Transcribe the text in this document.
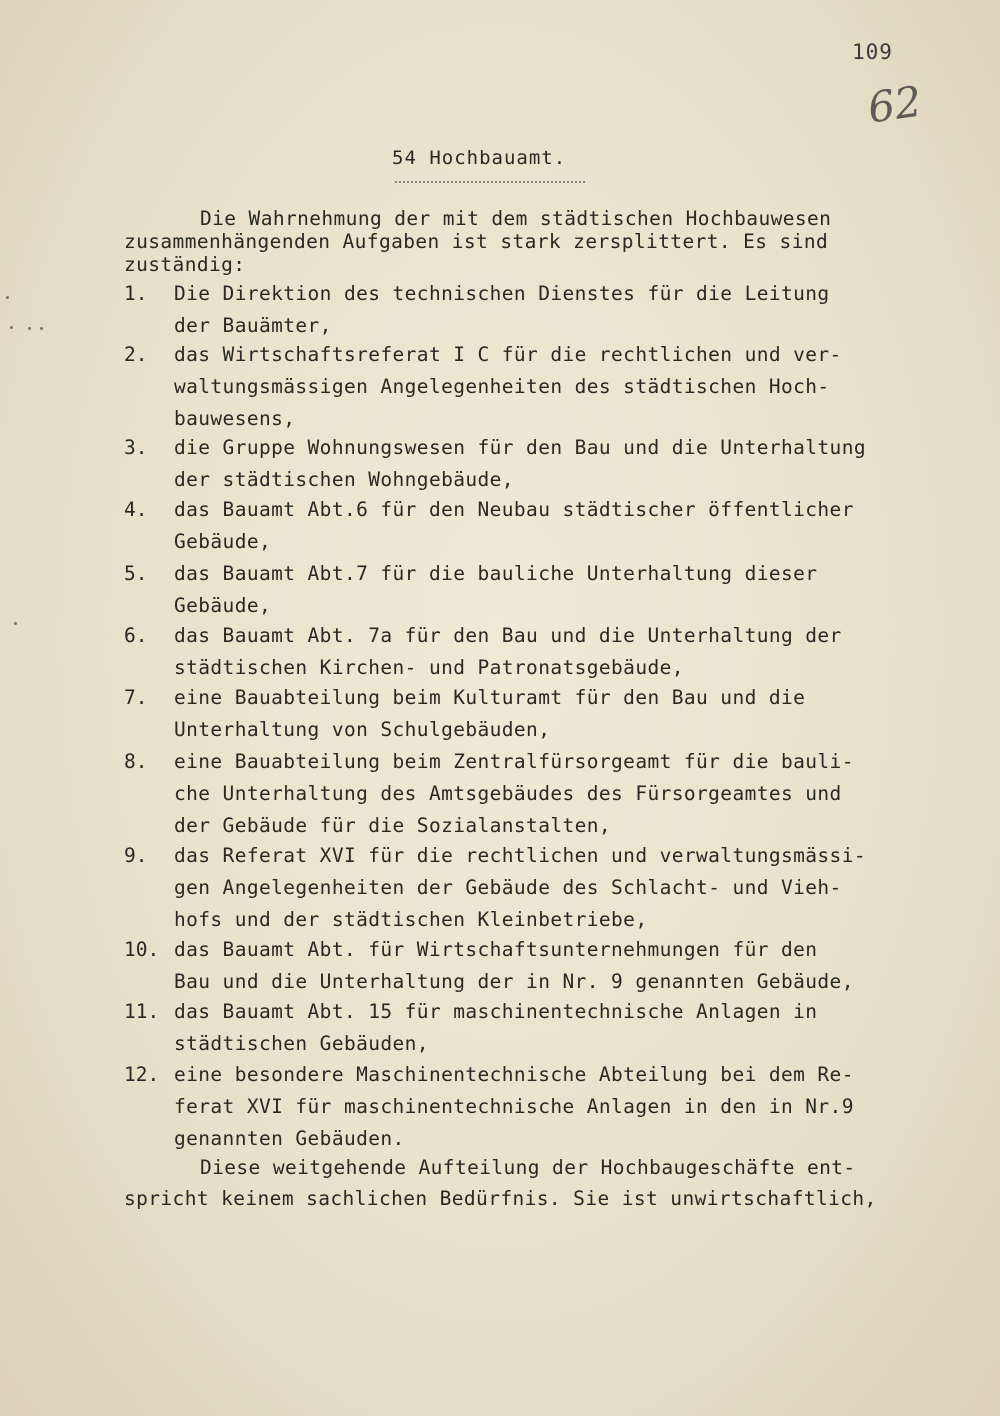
109
62
54 Hochbauamt.
Die Wahrnehmung der mit dem städtischen Hochbauwesen
zusammenhängenden Aufgaben ist stark zersplittert. Es sind
zuständig:
1. Die Direktion des technischen Dienstes für die Leitung
der Bauämter,
2. das Wirtschaftsreferat I C für die rechtlichen und ver-
waltungsmässigen Angelegenheiten des städtischen Hoch-
bauwesens,
3. die Gruppe Wohnungswesen für den Bau und die Unterhaltung
der städtischen Wohngebäude,
4. das Bauamt Abt.6 für den Neubau städtischer öffentlicher
Gebäude,
5. das Bauamt Abt.7 für die bauliche Unterhaltung dieser
Gebäude,
6. das Bauamt Abt. 7a für den Bau und die Unterhaltung der
städtischen Kirchen- und Patronatsgebäude,
7. eine Bauabteilung beim Kulturamt für den Bau und die
Unterhaltung von Schulgebäuden,
8. eine Bauabteilung beim Zentralfürsorgeamt für die bauli-
che Unterhaltung des Amtsgebäudes des Fürsorgeamtes und
der Gebäude für die Sozialanstalten,
9. das Referat XVI für die rechtlichen und verwaltungsmässi-
gen Angelegenheiten der Gebäude des Schlacht- und Vieh-
hofs und der städtischen Kleinbetriebe,
10. das Bauamt Abt. für Wirtschaftsunternehmungen für den
Bau und die Unterhaltung der in Nr. 9 genannten Gebäude,
11. das Bauamt Abt. 15 für maschinentechnische Anlagen in
städtischen Gebäuden,
12. eine besondere Maschinentechnische Abteilung bei dem Re-
ferat XVI für maschinentechnische Anlagen in den in Nr.9
genannten Gebäuden.
Diese weitgehende Aufteilung der Hochbaugeschäfte ent-
spricht keinem sachlichen Bedürfnis. Sie ist unwirtschaftlich,
